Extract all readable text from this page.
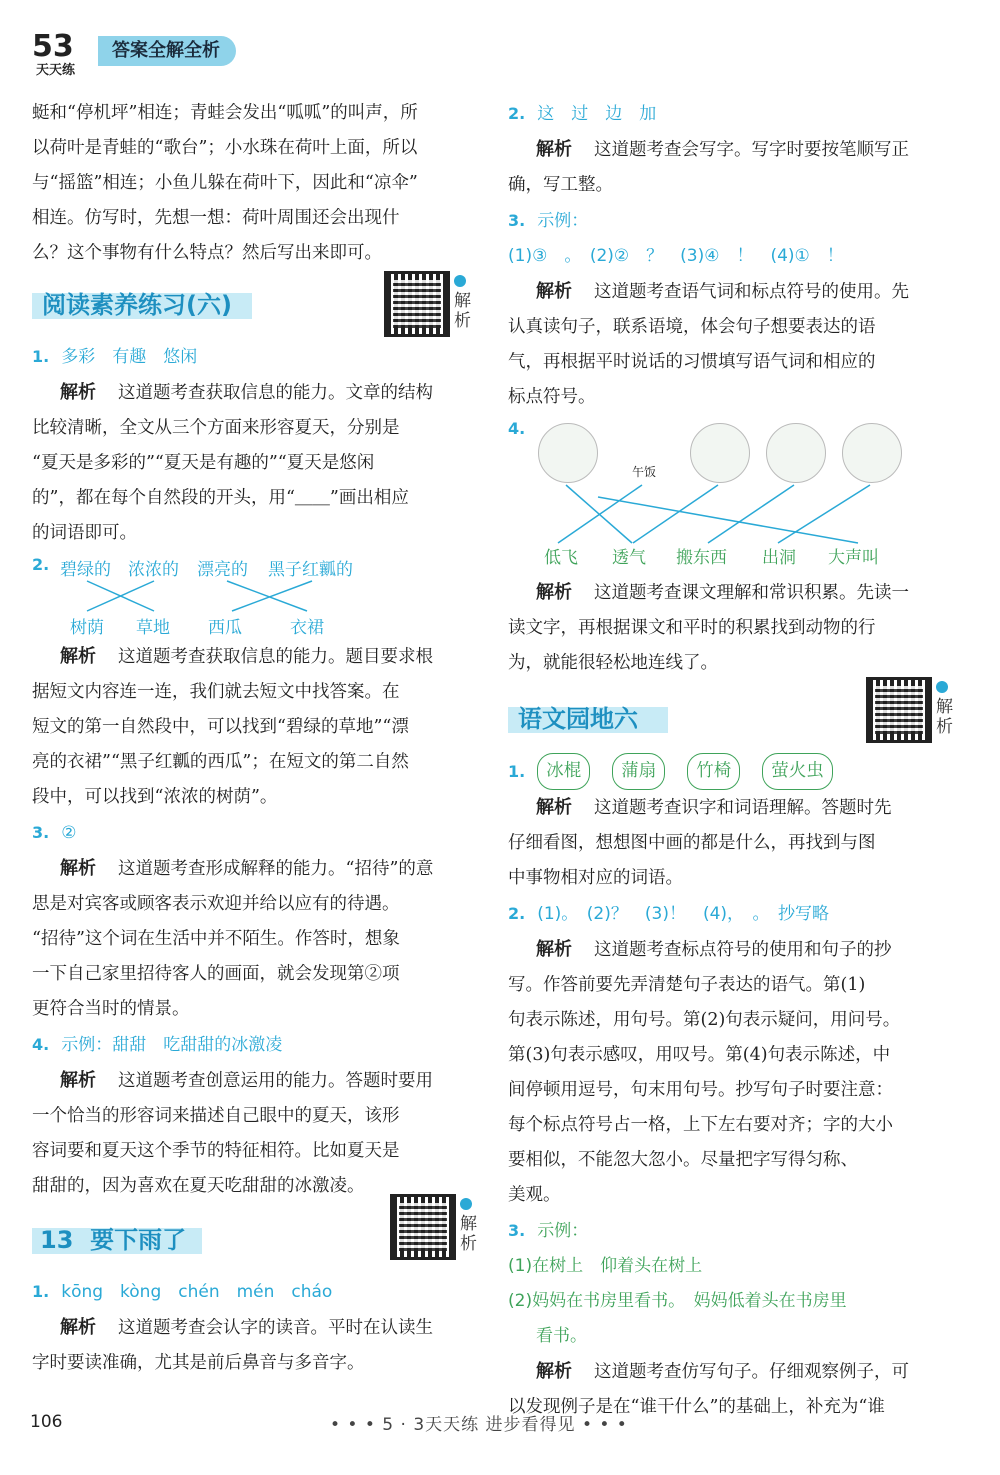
53
天天练
答案全解全析

蜓和“停机坪”相连；青蛙会发出“呱呱”的叫声，所

以荷叶是青蛙的“歌台”；小水珠在荷叶上面，所以

与“摇篮”相连；小鱼儿躲在荷叶下，因此和“凉伞”

相连。仿写时，先想一想：荷叶周围还会出现什

么？这个事物有什么特点？然后写出来即可。

阅读素养练习(六)	解析

1. 多彩　有趣　悠闲

解析 这道题考查获取信息的能力。文章的结构

比较清晰，全文从三个方面来形容夏天，分别是

“夏天是多彩的”“夏天是有趣的”“夏天是悠闲

的”，都在每个自然段的开头，用“＿＿”画出相应

的词语即可。

2. 碧绿的 浓浓的 漂亮的 黑子红瓤的
树荫 草地 西瓜	衣裙

解析 这道题考查获取信息的能力。题目要求根

据短文内容连一连，我们就去短文中找答案。在

短文的第一自然段中，可以找到“碧绿的草地”“漂

亮的衣裙”“黑子红瓤的西瓜”；在短文的第二自然

段中，可以找到“浓浓的树荫”。

3. ②

解析 这道题考查形成解释的能力。“招待”的意

思是对宾客或顾客表示欢迎并给以应有的待遇。

“招待”这个词在生活中并不陌生。作答时，想象

一下自己家里招待客人的画面，就会发现第②项

更符合当时的情景。

4. 示例：甜甜　吃甜甜的冰激凌

解析 这道题考查创意运用的能力。答题时要用

一个恰当的形容词来描述自己眼中的夏天，该形

容词要和夏天这个季节的特征相符。比如夏天是

甜甜的，因为喜欢在夏天吃甜甜的冰激凌。

13 要下雨了
解析

1. kōng　kòng　chén　mén　cháo

解析 这道题考查会认字的读音。平时在认读生

字时要读准确，尤其是前后鼻音与多音字。

2. 这　过　边　加

解析 这道题考查会写字。写字时要按笔顺写正

确，写工整。

3. 示例：

(1)③　。　(2)②　？　(3)④　！　(4)①　！

解析 这道题考查语气词和标点符号的使用。先

认真读句子，联系语境，体会句子想要表达的语

气，再根据平时说话的习惯填写语气词和相应的

标点符号。

4.
午饭
低飞 透气 搬东西 出洞 大声叫

解析 这道题考查课文理解和常识积累。先读一

读文字，再根据课文和平时的积累找到动物的行

为，就能很轻松地连线了。

语文园地六	解析

1.	冰棍	蒲扇	竹椅	萤火虫

解析 这道题考查识字和词语理解。答题时先

仔细看图，想想图中画的都是什么，再找到与图

中事物相对应的词语。

2. (1)。　(2)？　(3)！　(4)，　。　抄写略

解析 这道题考查标点符号的使用和句子的抄

写。作答前要先弄清楚句子表达的语气。第(1)

句表示陈述，用句号。第(2)句表示疑问，用问号。

第(3)句表示感叹，用叹号。第(4)句表示陈述，中

间停顿用逗号，句末用句号。抄写句子时要注意：

每个标点符号占一格，上下左右要对齐；字的大小

要相似，不能忽大忽小。尽量把字写得匀称、

美观。

3. 示例：

(1)在树上　仰着头在树上

(2)妈妈在书房里看书。　妈妈低着头在书房里

看书。

解析 这道题考查仿写句子。仔细观察例子，可

以发现例子是在“谁干什么”的基础上，补充为“谁

106	• • • 5 · 3天天练 进步看得见 • • •
